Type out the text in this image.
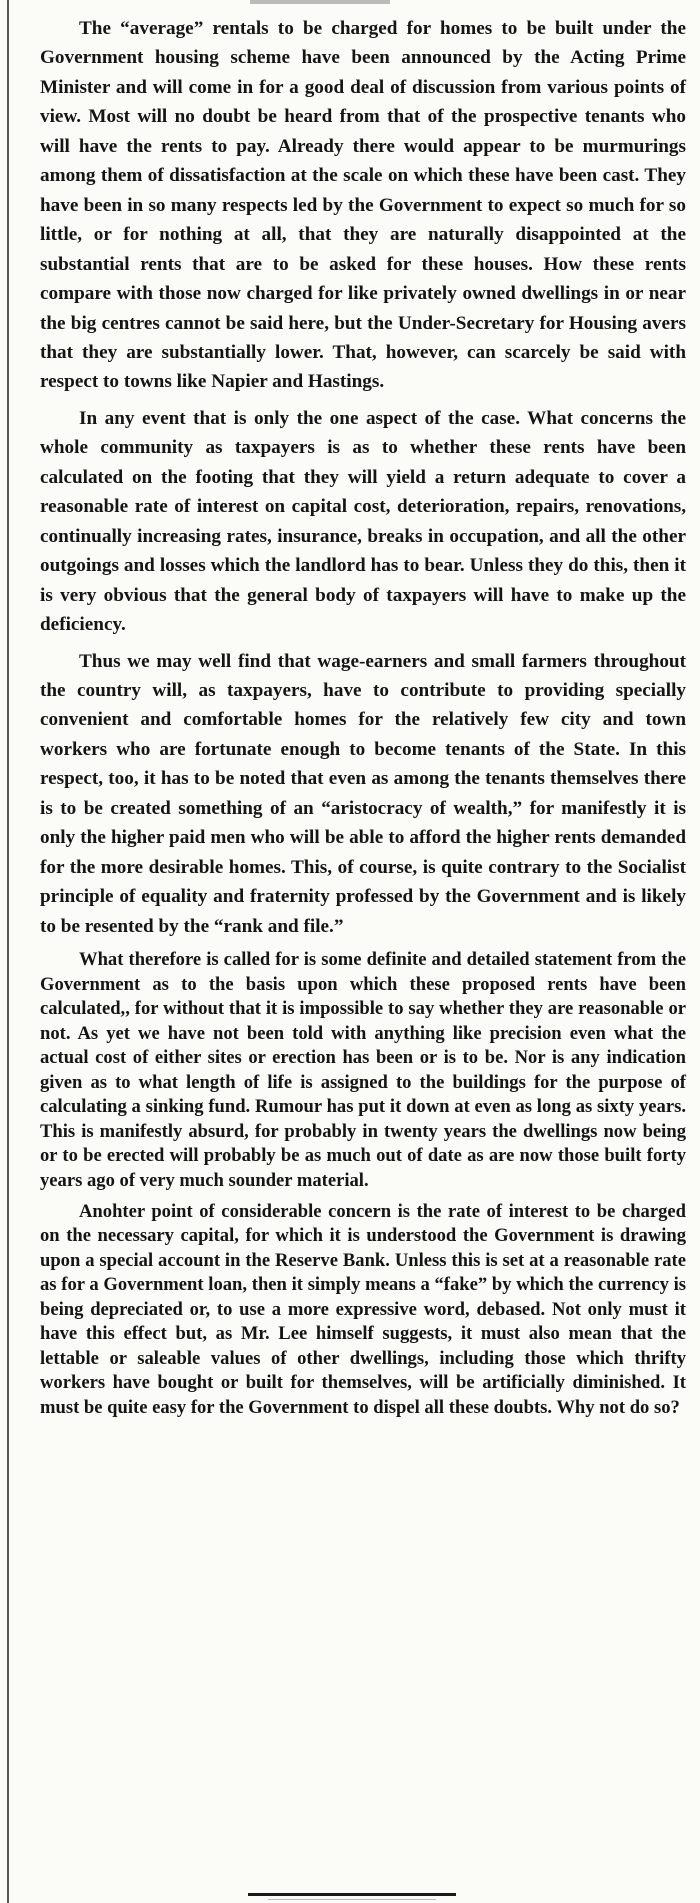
The “average” rentals to be charged for homes to be built under the Government housing scheme have been announced by the Acting Prime Minister and will come in for a good deal of discussion from various points of view. Most will no doubt be heard from that of the prospective tenants who will have the rents to pay. Already there would appear to be murmurings among them of dissatisfaction at the scale on which these have been cast. They have been in so many respects led by the Government to expect so much for so little, or for nothing at all, that they are naturally disappointed at the substantial rents that are to be asked for these houses. How these rents compare with those now charged for like privately owned dwellings in or near the big centres cannot be said here, but the Under-Secretary for Housing avers that they are substantially lower. That, however, can scarcely be said with respect to towns like Napier and Hastings.

In any event that is only the one aspect of the case. What concerns the whole community as taxpayers is as to whether these rents have been calculated on the footing that they will yield a return adequate to cover a reasonable rate of interest on capital cost, deterioration, repairs, renovations, continually increasing rates, insurance, breaks in occupation, and all the other outgoings and losses which the landlord has to bear. Unless they do this, then it is very obvious that the general body of taxpayers will have to make up the deficiency.

Thus we may well find that wage-earners and small farmers throughout the country will, as taxpayers, have to contribute to providing specially convenient and comfortable homes for the relatively few city and town workers who are fortunate enough to become tenants of the State. In this respect, too, it has to be noted that even as among the tenants themselves there is to be created something of an “aristocracy of wealth,” for manifestly it is only the higher paid men who will be able to afford the higher rents demanded for the more desirable homes. This, of course, is quite contrary to the Socialist principle of equality and fraternity professed by the Government and is likely to be resented by the “rank and file.”

What therefore is called for is some definite and detailed statement from the Government as to the basis upon which these proposed rents have been calculated,, for without that it is impossible to say whether they are reasonable or not. As yet we have not been told with anything like precision even what the actual cost of either sites or erection has been or is to be. Nor is any indication given as to what length of life is assigned to the buildings for the purpose of calculating a sinking fund. Rumour has put it down at even as long as sixty years. This is manifestly absurd, for probably in twenty years the dwellings now being or to be erected will probably be as much out of date as are now those built forty years ago of very much sounder material.

Anohter point of considerable concern is the rate of interest to be charged on the necessary capital, for which it is understood the Government is drawing upon a special account in the Reserve Bank. Unless this is set at a reasonable rate as for a Government loan, then it simply means a “fake” by which the currency is being depreciated or, to use a more expressive word, debased. Not only must it have this effect but, as Mr. Lee himself suggests, it must also mean that the lettable or saleable values of other dwellings, including those which thrifty workers have bought or built for themselves, will be artificially diminished. It must be quite easy for the Government to dispel all these doubts. Why not do so?
